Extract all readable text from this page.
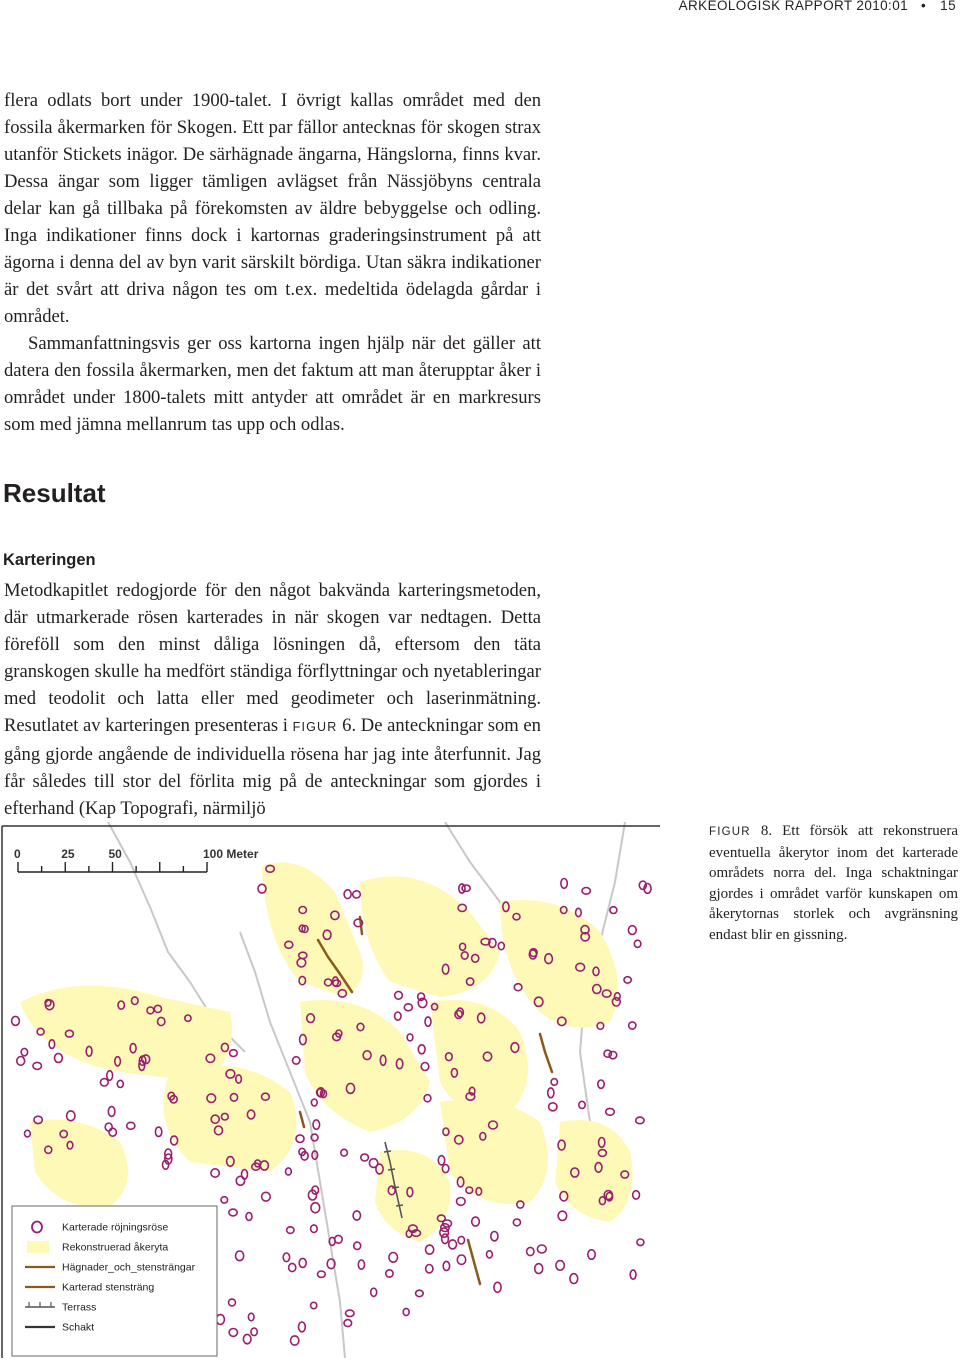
ARKEOLOGISK RAPPORT 2010:01 • 15

flera odlats bort under 1900-talet. I övrigt kallas området med den fossila åkermarken för Skogen. Ett par fällor antecknas för skogen strax utanför Stickets inägor. De särhägnade ängarna, Hängslorna, finns kvar. Dessa ängar som ligger tämligen avlägset från Nässjöbyns centrala delar kan gå tillbaka på förekomsten av äldre bebyggelse och odling. Inga indikationer finns dock i kartornas graderingsinstrument på att ägorna i denna del av byn varit särskilt bördiga. Utan säkra indikationer är det svårt att driva någon tes om t.ex. medeltida ödelagda gårdar i området.

Sammanfattningsvis ger oss kartorna ingen hjälp när det gäller att datera den fossila åkermarken, men det faktum att man återupptar åker i området under 1800-talets mitt antyder att området är en markresurs som med jämna mellanrum tas upp och odlas.

Resultat
Karteringen

Metodkapitlet redogjorde för den något bakvända karteringsmetoden, där utmarkerade rösen karterades in när skogen var nedtagen. Detta föreföll som den minst dåliga lösningen då, eftersom den täta granskogen skulle ha medfört ständiga förflyttningar och nyetableringar med teodolit och latta eller med geodimeter och laserinmätning. Resutlatet av karteringen presenteras i FIGUR 6. De anteckningar som en gång gjorde angående de individuella rösena har jag inte återfunnit. Jag får således till stor del förlita mig på de anteckningar som gjordes i efterhand (Kap Topografi, närmiljö

FIGUR 8. Ett försök att rekonstruera eventuella åkerytor inom det karterade områdets norra del. Inga schaktningar gjordes i området varför kunskapen om åkerytornas storlek och avgränsning endast blir en gissning.

Karterade röjningsröse
Rekonstruerad åkeryta
Hägnader_och_stensträngar
Karterad stensträng
Terrass
Schakt
0	25	50	100 Meter
